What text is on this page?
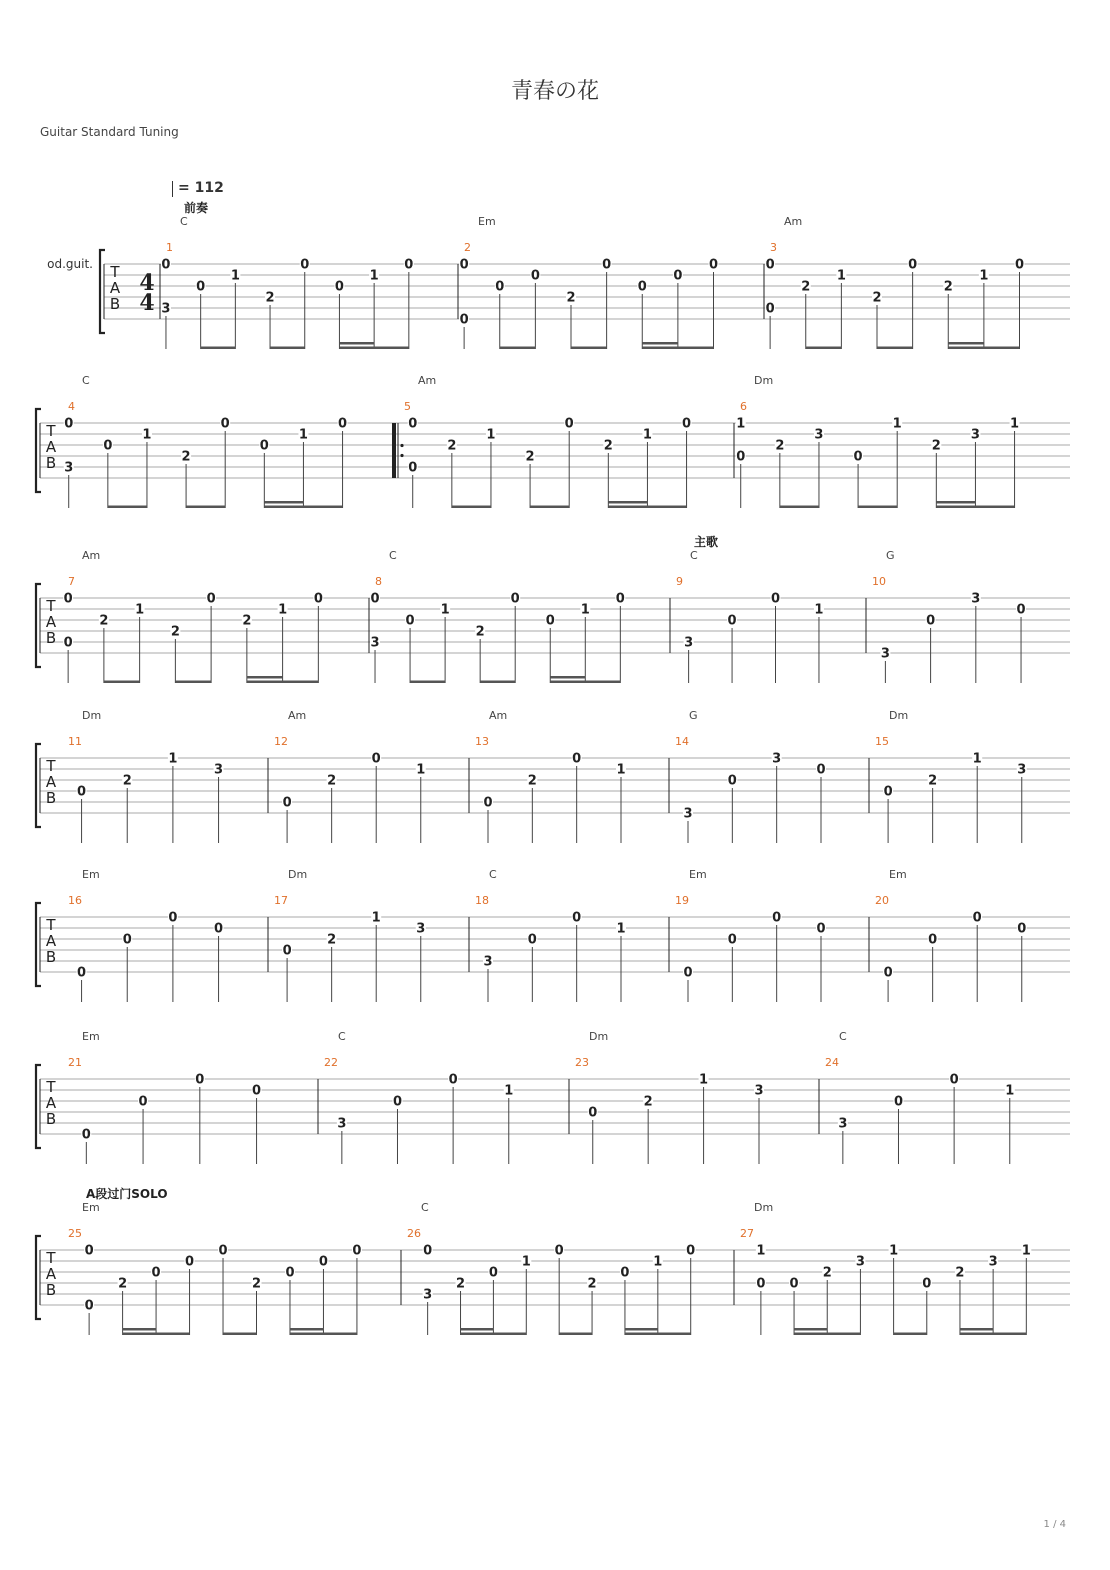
青春の花
Guitar Standard Tuning
= 112
T
A
B
od.guit.
4
4
1
C
前奏
0
3
0
1
2
0
0
1
0
2
Em
0
0
0
0
2
0
0
0
0
3
Am
0
0
2
1
2
0
2
1
0
T
A
B
4
C
0
3
0
1
2
0
0
1
0
5
Am
0
0
2
1
2
0
2
1
0
6
Dm
1
0
2
3
0
1
2
3
1
T
A
B
7
Am
0
0
2
1
2
0
2
1
0
8
C
0
3
0
1
2
0
0
1
0
9
C
主歌
3
0
0
1
10
G
3
0
3
0
T
A
B
11
Dm
0
2
1
3
12
Am
0
2
0
1
13
Am
0
2
0
1
14
G
3
0
3
0
15
Dm
0
2
1
3
T
A
B
16
Em
0
0
0
0
17
Dm
0
2
1
3
18
C
3
0
0
1
19
Em
0
0
0
0
20
Em
0
0
0
0
T
A
B
21
Em
0
0
0
0
22
C
3
0
0
1
23
Dm
0
2
1
3
24
C
3
0
0
1
T
A
B
25
Em
A段过门SOLO
0
0
2
0
0
0
2
0
0
0
26
C
0
3
2
0
1
0
2
0
1
0
27
Dm
1
0 0
2
3
1
0
2
3
1
1 / 4
